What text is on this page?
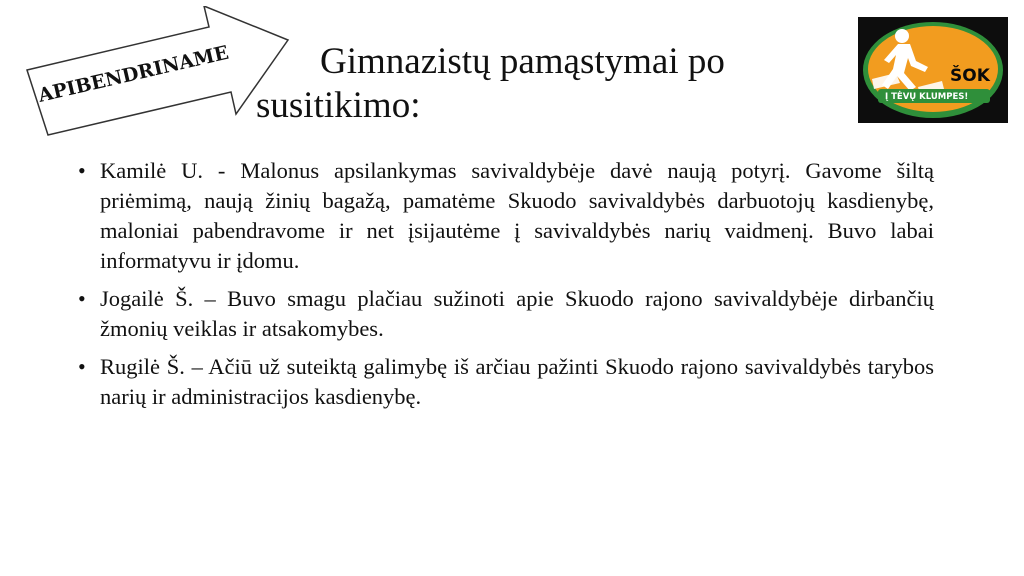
APIBENDRINAME	Gimnazistų pamąstymai po
susitikimo:
ŠOK
Į TĖVŲ KLUMPES!
• Kamilė U. - Malonus apsilankymas savivaldybėje davė naują potyrį. Gavome šiltą priėmimą, naują žinių bagažą, pamatėme Skuodo savivaldybės darbuotojų kasdienybę, maloniai pabendravome ir net įsijautėme į savivaldybės narių vaidmenį. Buvo labai informatyvu ir įdomu.
• Jogailė Š. – Buvo smagu plačiau sužinoti apie Skuodo rajono savivaldybėje dirbančių žmonių veiklas ir atsakomybes.
• Rugilė Š. – Ačiū už suteiktą galimybę iš arčiau pažinti Skuodo rajono savivaldybės tarybos narių ir administracijos kasdienybę.
